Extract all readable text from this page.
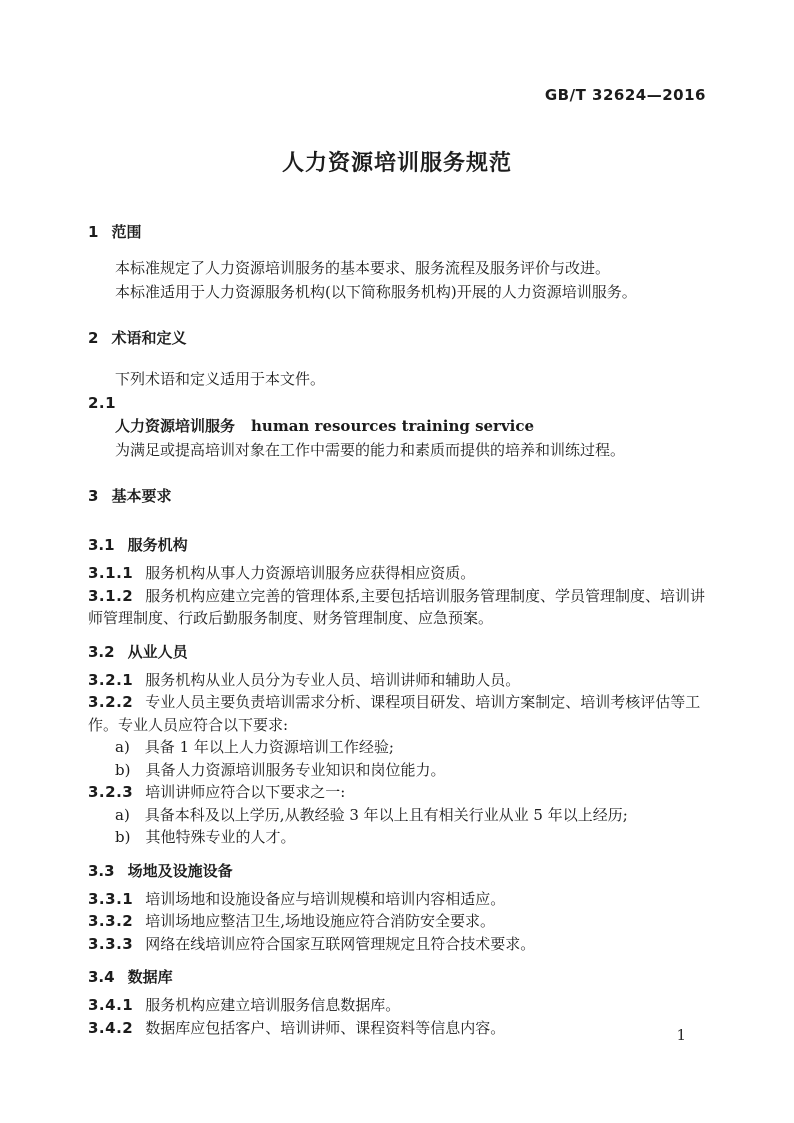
GB/T 32624—2016
人力资源培训服务规范
1 范围

本标准规定了人力资源培训服务的基本要求、服务流程及服务评价与改进。

本标准适用于人力资源服务机构(以下简称服务机构)开展的人力资源培训服务。

2 术语和定义

下列术语和定义适用于本文件。

2.1

人力资源培训服务 human resources training service

为满足或提高培训对象在工作中需要的能力和素质而提供的培养和训练过程。

3 基本要求
3.1 服务机构

3.1.1 服务机构从事人力资源培训服务应获得相应资质。

3.1.2 服务机构应建立完善的管理体系,主要包括培训服务管理制度、学员管理制度、培训讲师管理制度、行政后勤服务制度、财务管理制度、应急预案。

3.2 从业人员

3.2.1 服务机构从业人员分为专业人员、培训讲师和辅助人员。

3.2.2 专业人员主要负责培训需求分析、课程项目研发、培训方案制定、培训考核评估等工作。专业人员应符合以下要求:

a) 具备 1 年以上人力资源培训工作经验;

b) 具备人力资源培训服务专业知识和岗位能力。

3.2.3 培训讲师应符合以下要求之一:

a) 具备本科及以上学历,从教经验 3 年以上且有相关行业从业 5 年以上经历;

b) 其他特殊专业的人才。

3.3 场地及设施设备

3.3.1 培训场地和设施设备应与培训规模和培训内容相适应。

3.3.2 培训场地应整洁卫生,场地设施应符合消防安全要求。

3.3.3 网络在线培训应符合国家互联网管理规定且符合技术要求。

3.4 数据库

3.4.1 服务机构应建立培训服务信息数据库。

3.4.2 数据库应包括客户、培训讲师、课程资料等信息内容。	1
